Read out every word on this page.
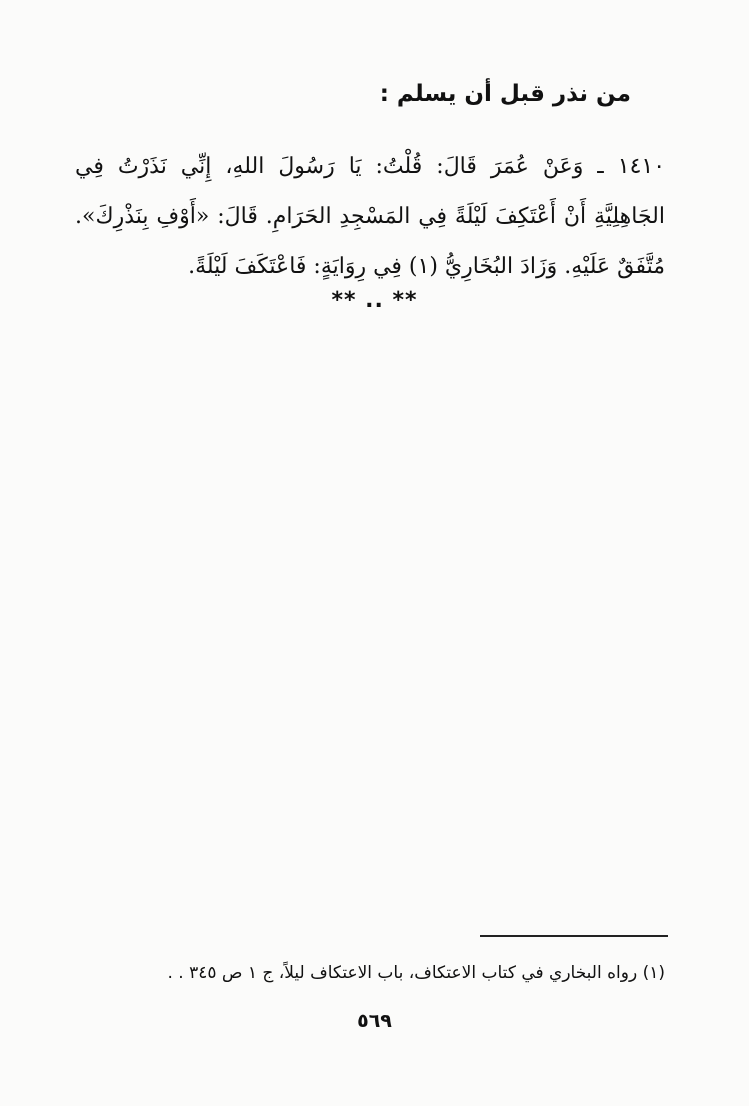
من نذر قبل أن يسلم :
١٤١٠ ـ وَعَنْ عُمَرَ قَالَ: قُلْتُ: يَا رَسُولَ اللهِ، إِنِّي نَذَرْتُ فِي الجَاهِلِيَّةِ أَنْ أَعْتَكِفَ لَيْلَةً فِي المَسْجِدِ الحَرَامِ. قَالَ: «أَوْفِ بِنَذْرِكَ». مُتَّفَقٌ عَلَيْهِ. وَزَادَ البُخَارِيُّ (١) فِي رِوَايَةٍ: فَاعْتَكَفَ لَيْلَةً.
** .. **
(١) رواه البخاري في كتاب الاعتكاف، باب الاعتكاف ليلاً، ج ١ ص ٣٤٥ . .
٥٦٩
